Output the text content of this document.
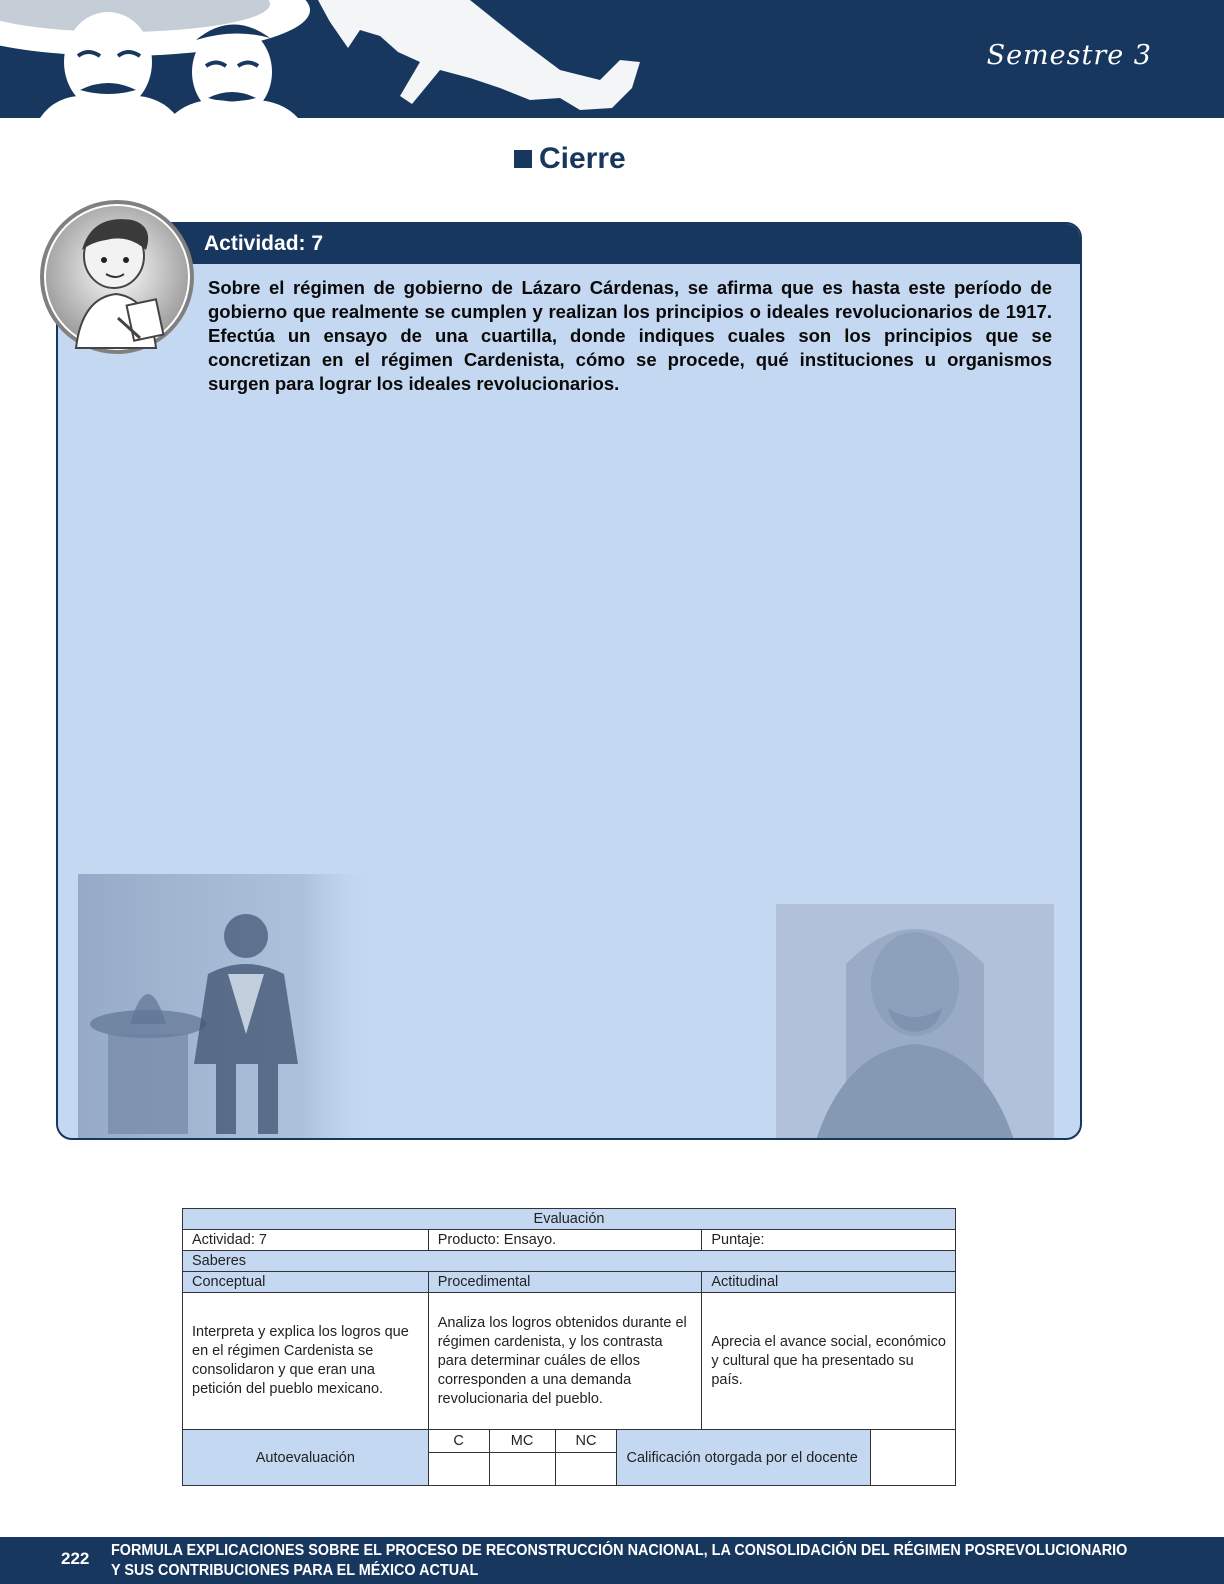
Semestre 3
Cierre
Actividad: 7
Sobre el régimen de gobierno de Lázaro Cárdenas, se afirma que es hasta este período de gobierno que realmente se cumplen y realizan los principios o ideales revolucionarios de 1917. Efectúa un ensayo de una cuartilla, donde indiques cuales son los principios que se concretizan en el régimen Cardenista, cómo se procede, qué instituciones u organismos surgen para lograr los ideales revolucionarios.
Evaluación						
Actividad: 7	Producto: Ensayo.				Puntaje:	
Saberes						
Conceptual	Procedimental				Actitudinal	
Interpreta y explica los logros que en el régimen Cardenista se consolidaron y que eran una petición del pueblo mexicano.	Analiza los logros obtenidos durante el régimen cardenista, y los contrasta para determinar cuáles de ellos corresponden a una demanda revolucionaria del pueblo.				Aprecia el avance social, económico y cultural que ha presentado su país.	
Autoevaluación	C	MC	NC	Calificación otorgada por el docente		

222 FORMULA EXPLICACIONES SOBRE EL PROCESO DE RECONSTRUCCIÓN NACIONAL, LA CONSOLIDACIÓN DEL RÉGIMEN POSREVOLUCIONARIO
Y SUS CONTRIBUCIONES PARA EL MÉXICO ACTUAL
